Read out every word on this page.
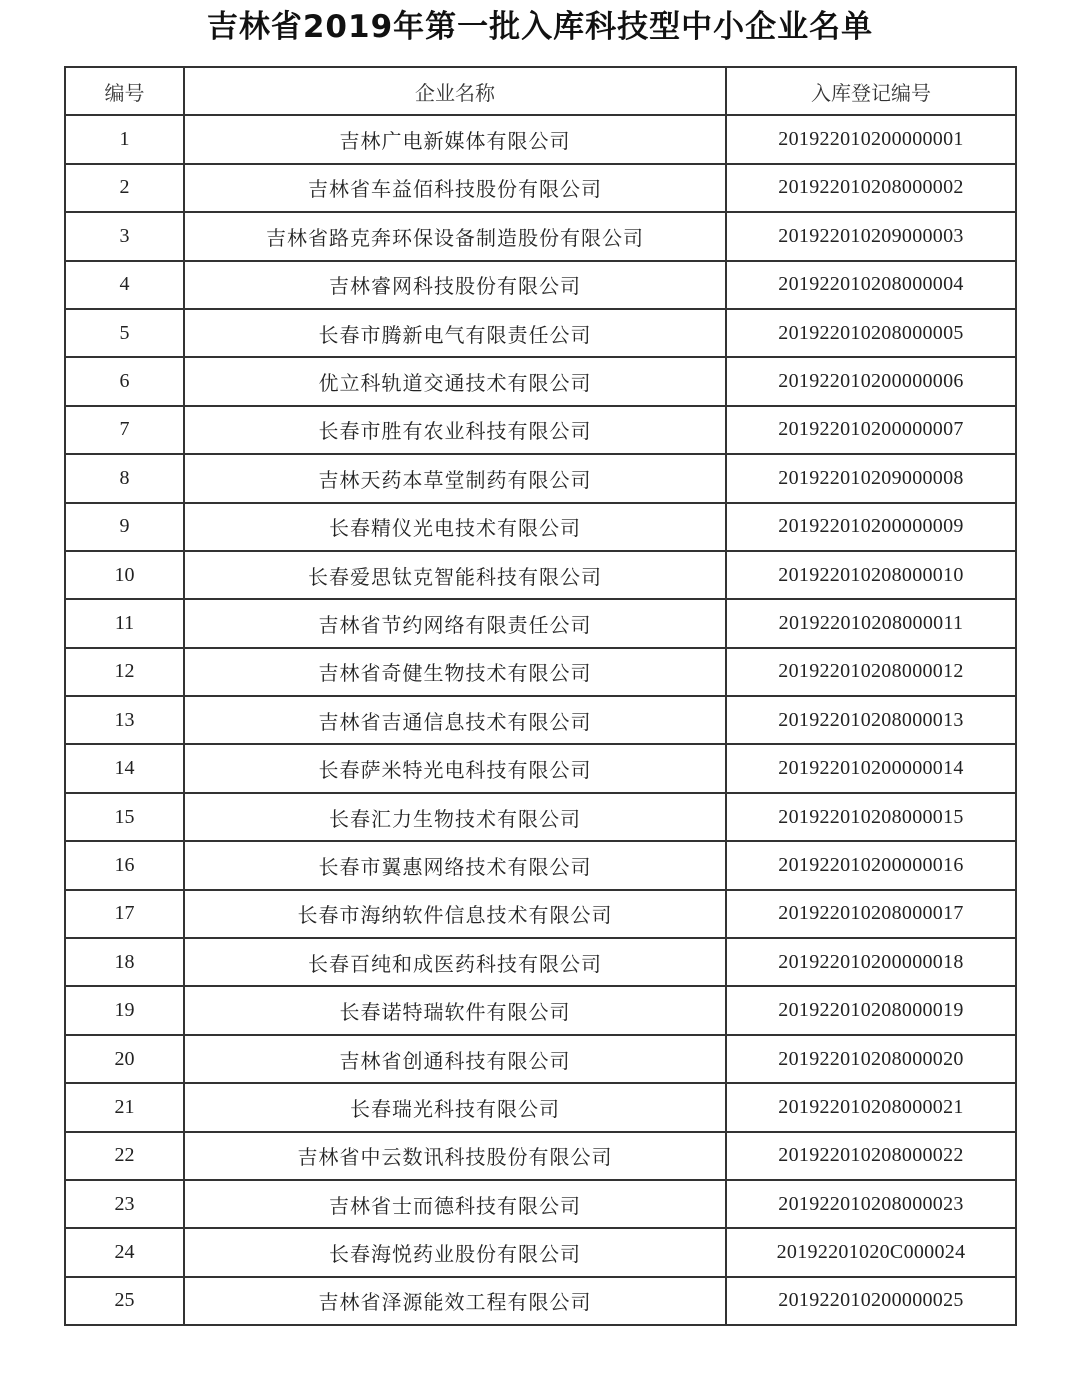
吉林省2019年第一批入库科技型中小企业名单
编号	企业名称	入库登记编号
1	吉林广电新媒体有限公司	201922010200000001
2	吉林省车益佰科技股份有限公司	201922010208000002
3	吉林省路克奔环保设备制造股份有限公司	201922010209000003
4	吉林睿网科技股份有限公司	201922010208000004
5	长春市腾新电气有限责任公司	201922010208000005
6	优立科轨道交通技术有限公司	201922010200000006
7	长春市胜有农业科技有限公司	201922010200000007
8	吉林天药本草堂制药有限公司	201922010209000008
9	长春精仪光电技术有限公司	201922010200000009
10	长春爱思钛克智能科技有限公司	201922010208000010
11	吉林省节约网络有限责任公司	201922010208000011
12	吉林省奇健生物技术有限公司	201922010208000012
13	吉林省吉通信息技术有限公司	201922010208000013
14	长春萨米特光电科技有限公司	201922010200000014
15	长春汇力生物技术有限公司	201922010208000015
16	长春市翼惠网络技术有限公司	201922010200000016
17	长春市海纳软件信息技术有限公司	201922010208000017
18	长春百纯和成医药科技有限公司	201922010200000018
19	长春诺特瑞软件有限公司	201922010208000019
20	吉林省创通科技有限公司	201922010208000020
21	长春瑞光科技有限公司	201922010208000021
22	吉林省中云数讯科技股份有限公司	201922010208000022
23	吉林省士而德科技有限公司	201922010208000023
24	长春海悦药业股份有限公司	20192201020C000024
25	吉林省泽源能效工程有限公司	201922010200000025
